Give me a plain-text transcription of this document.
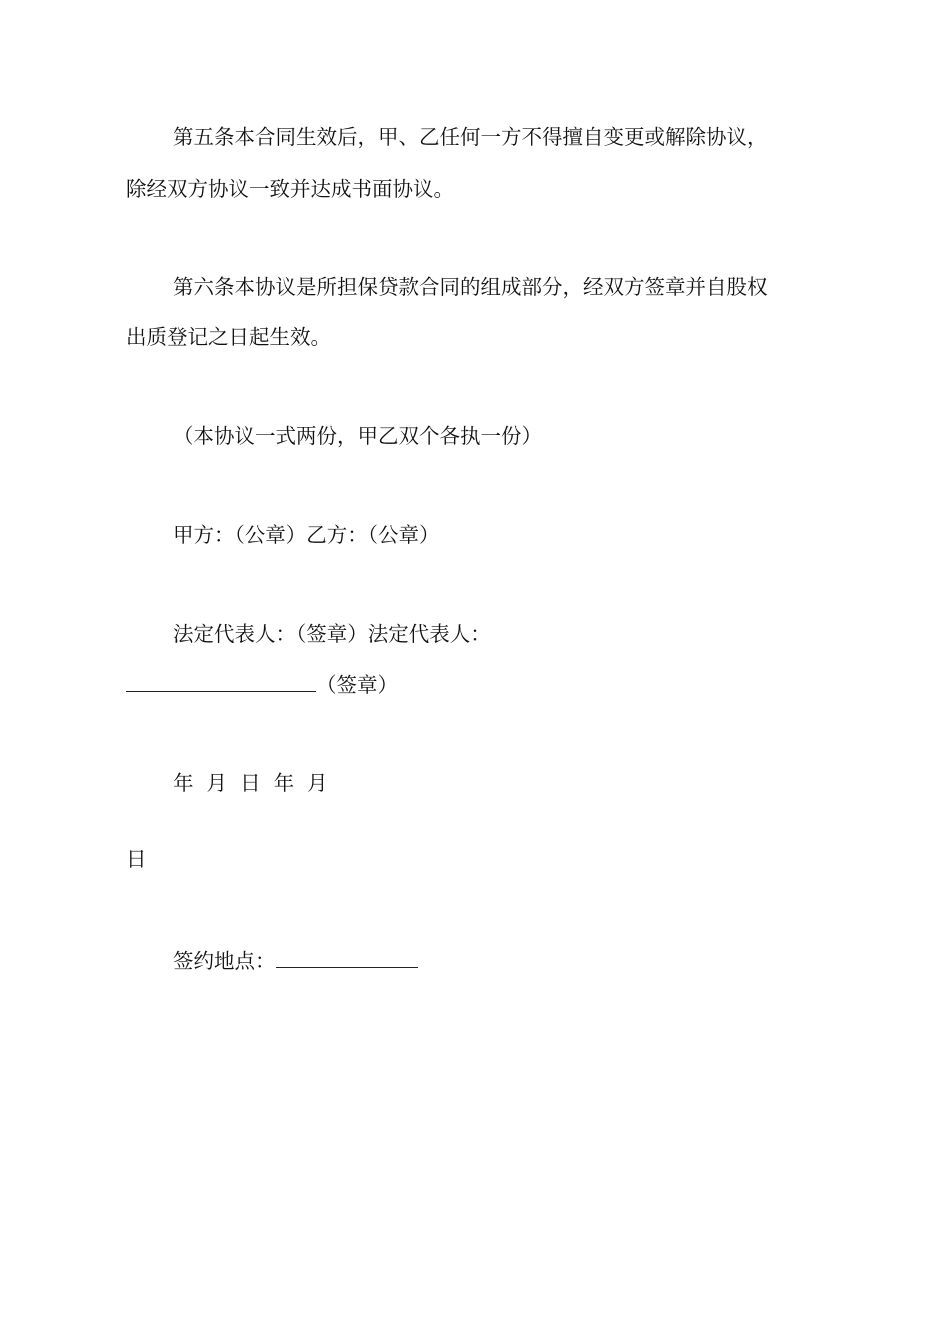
第五条本合同生效后，甲、乙任何一方不得擅自变更或解除协议，
除经双方协议一致并达成书面协议。
第六条本协议是所担保贷款合同的组成部分，经双方签章并自股权
出质登记之日起生效。
（本协议一式两份，甲乙双个各执一份）
甲方：（公章）乙方：（公章）
法定代表人：（签章）法定代表人：
（签章）
年  月  日  年  月
日
签约地点：
